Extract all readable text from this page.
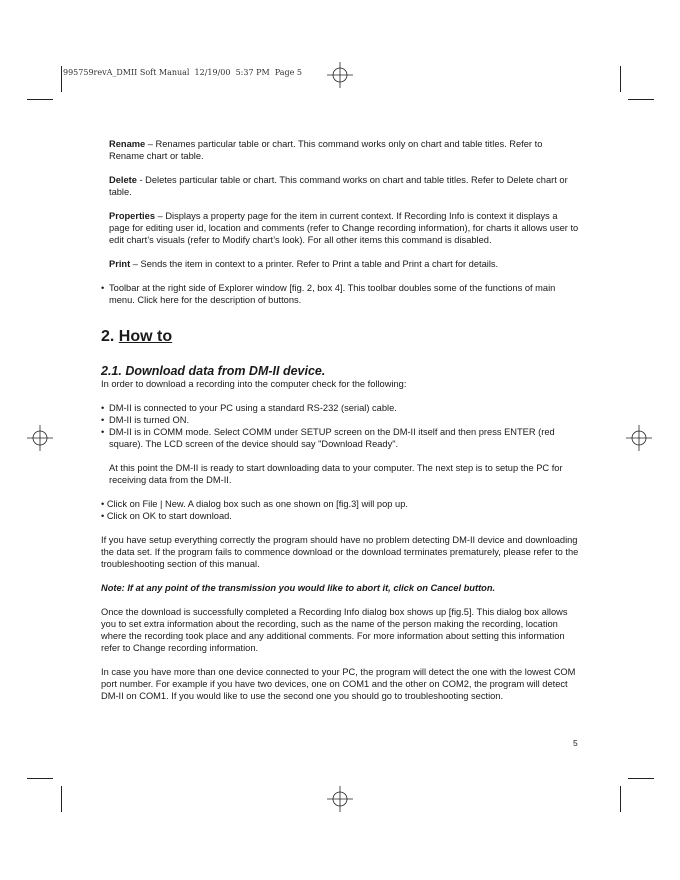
995759revA_DMII Soft Manual  12/19/00  5:37 PM  Page 5

Rename – Renames particular table or chart. This command works only on chart and table titles. Refer to Rename chart or table.

Delete - Deletes particular table or chart. This command works on chart and table titles. Refer to Delete chart or table.

Properties – Displays a property page for the item in current context. If Recording Info is context it displays a page for editing user id, location and comments (refer to Change recording information), for charts it allows user to edit chart’s visuals (refer to Modify chart’s look). For all other items this command is disabled.

Print – Sends the item in context to a printer. Refer to Print a table and Print a chart for details.

• Toolbar at the right side of Explorer window [fig. 2, box 4]. This toolbar doubles some of the functions of main menu. Click here for the description of buttons.
2. How to
2.1. Download data from DM-II device.

In order to download a recording into the computer check for the following:

• DM-II is connected to your PC using a standard RS-232 (serial) cable.
• DM-II is turned ON.
• DM-II is in COMM mode. Select COMM under SETUP screen on the DM-II itself and then press ENTER (red square). The LCD screen of the device should say "Download Ready".

At this point the DM-II is ready to start downloading data to your computer. The next step is to setup the PC for receiving data from the DM-II.

• Click on File | New. A dialog box such as one shown on [fig.3] will pop up.
• Click on OK to start download.

If you have setup everything correctly the program should have no problem detecting DM-II device and downloading the data set. If the program fails to commence download or the download terminates prematurely, please refer to the troubleshooting section of this manual.

Note: If at any point of the transmission you would like to abort it, click on Cancel button.

Once the download is successfully completed a Recording Info dialog box shows up [fig.5]. This dialog box allows you to set extra information about the recording, such as the name of the person making the recording, location where the recording took place and any additional comments. For more information about setting this information refer to Change recording information.

In case you have more than one device connected to your PC, the program will detect the one with the lowest COM port number. For example if you have two devices, one on COM1 and the other on COM2, the program will detect DM-II on COM1. If you would like to use the second one you should go to troubleshooting section.

5
